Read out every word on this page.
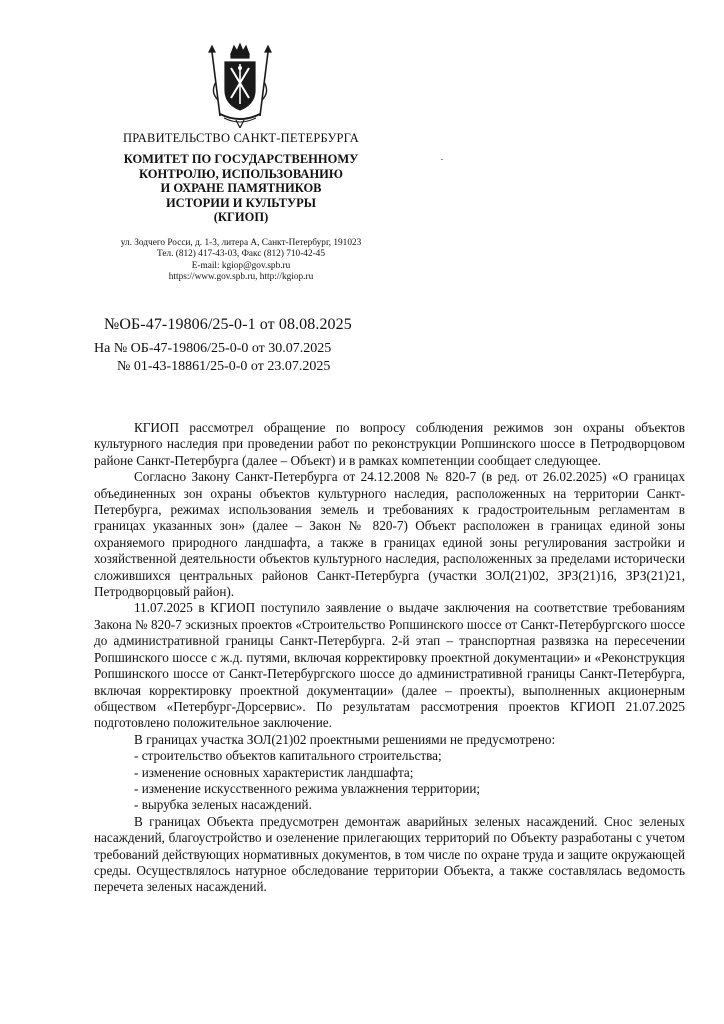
ПРАВИТЕЛЬСТВО САНКТ-ПЕТЕРБУРГА
КОМИТЕТ ПО ГОСУДАРСТВЕННОМУ
КОНТРОЛЮ, ИСПОЛЬЗОВАНИЮ
И ОХРАНЕ ПАМЯТНИКОВ
ИСТОРИИ И КУЛЬТУРЫ
(КГИОП)
ул. Зодчего Росси, д. 1-3, литера А, Санкт-Петербург, 191023
Тел. (812) 417-43-03, Факс (812) 710-42-45
E-mail: kgiop@gov.spb.ru
https://www.gov.spb.ru, http://kgiop.ru
№ОБ-47-19806/25-0-1 от 08.08.2025
На № ОБ-47-19806/25-0-0 от 30.07.2025
№ 01-43-18861/25-0-0 от 23.07.2025

КГИОП рассмотрел обращение по вопросу соблюдения режимов зон охраны объектов культурного наследия при проведении работ по реконструкции Ропшинского шоссе в Петродворцовом районе Санкт-Петербурга (далее – Объект) и в рамках компетенции сообщает следующее.

Согласно Закону Санкт-Петербурга от 24.12.2008 № 820-7 (в ред. от 26.02.2025) «О границах объединенных зон охраны объектов культурного наследия, расположенных на территории Санкт-Петербурга, режимах использования земель и требованиях к градостроительным регламентам в границах указанных зон» (далее – Закон № 820-7) Объект расположен в границах единой зоны охраняемого природного ландшафта, а также в границах единой зоны регулирования застройки и хозяйственной деятельности объектов культурного наследия, расположенных за пределами исторически сложившихся центральных районов Санкт-Петербурга (участки ЗОЛ(21)02, ЗРЗ(21)16, ЗРЗ(21)21, Петродворцовый район).

11.07.2025 в КГИОП поступило заявление о выдаче заключения на соответствие требованиям Закона № 820-7 эскизных проектов «Строительство Ропшинского шоссе от Санкт-Петербургского шоссе до административной границы Санкт-Петербурга. 2-й этап – транспортная развязка на пересечении Ропшинского шоссе с ж.д. путями, включая корректировку проектной документации» и «Реконструкция Ропшинского шоссе от Санкт-Петербургского шоссе до административной границы Санкт-Петербурга, включая корректировку проектной документации» (далее – проекты), выполненных акционерным обществом «Петербург-Дорсервис». По результатам рассмотрения проектов КГИОП 21.07.2025 подготовлено положительное заключение.

В границах участка ЗОЛ(21)02 проектными решениями не предусмотрено:

- строительство объектов капитального строительства;

- изменение основных характеристик ландшафта;

- изменение искусственного режима увлажнения территории;

- вырубка зеленых насаждений.

В границах Объекта предусмотрен демонтаж аварийных зеленых насаждений. Снос зеленых насаждений, благоустройство и озеленение прилегающих территорий по Объекту разработаны с учетом требований действующих нормативных документов, в том числе по охране труда и защите окружающей среды. Осуществлялось натурное обследование территории Объекта, а также составлялась ведомость перечета зеленых насаждений.
